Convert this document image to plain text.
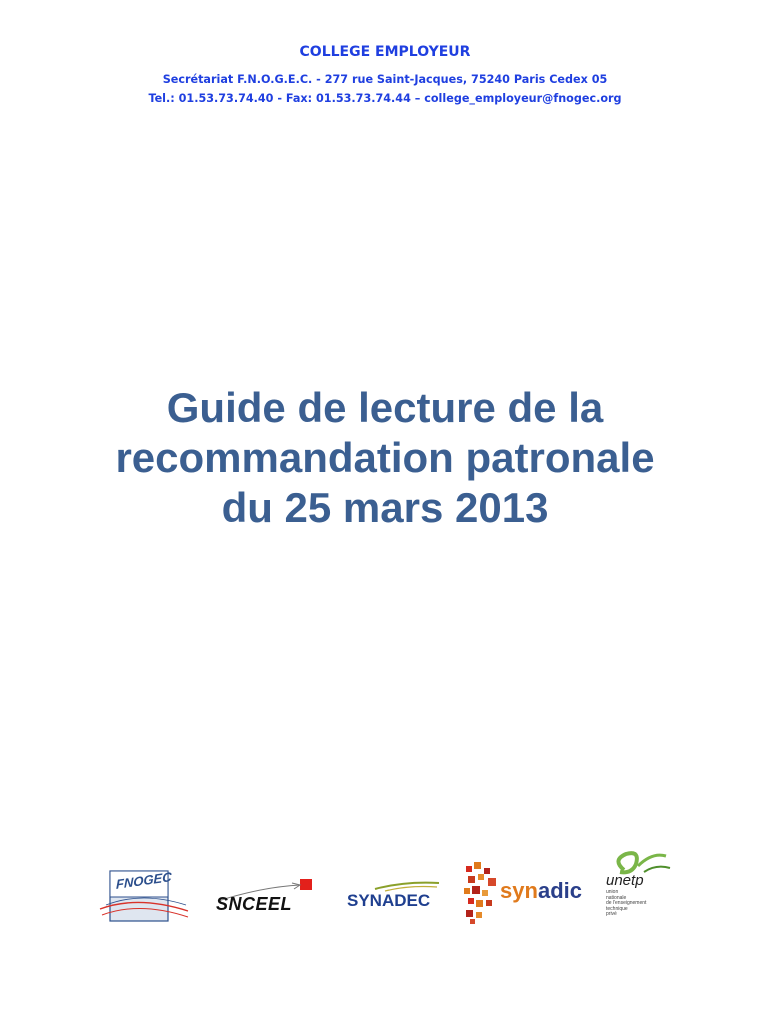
COLLEGE EMPLOYEUR
Secrétariat F.N.O.G.E.C. - 277 rue Saint-Jacques, 75240 Paris Cedex 05
Tel.: 01.53.73.74.40 - Fax: 01.53.73.74.44 – college_employeur@fnogec.org
Guide de lecture de la
recommandation patronale
du 25 mars 2013
FNOGEC
SNCEEL	SYNADEC	syn adic unetp
union
nationale
de l'enseignement
technique
privé
